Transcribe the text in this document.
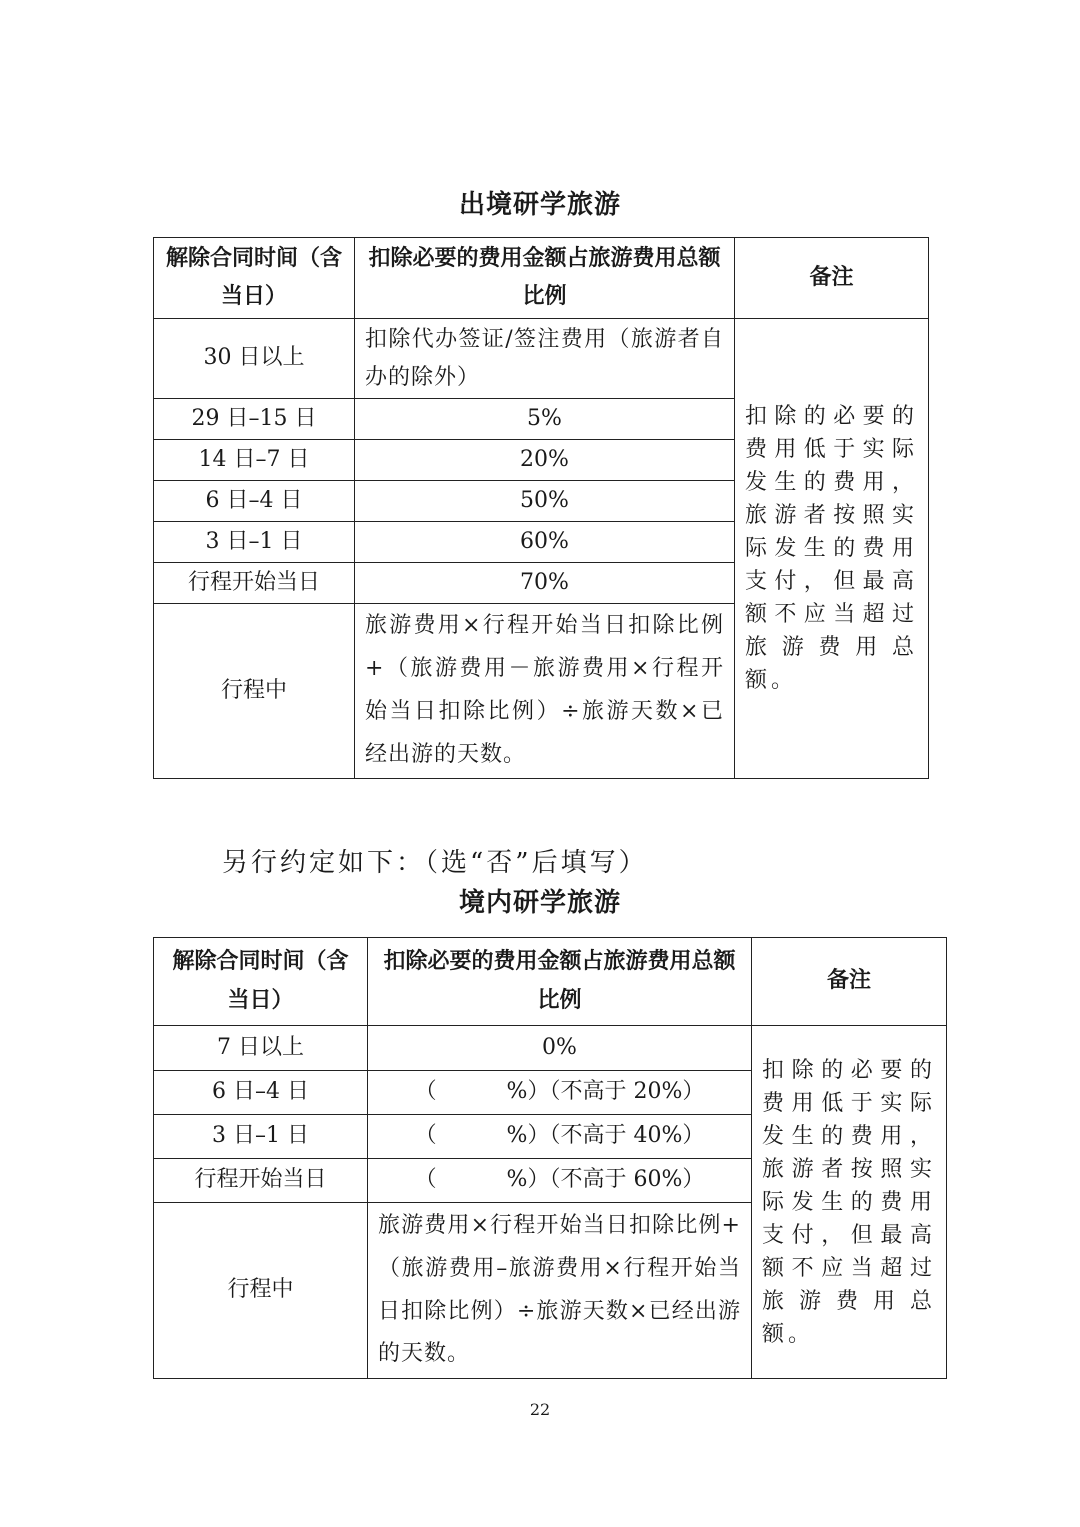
出境研学旅游
解除合同时间（含当日）	扣除必要的费用金额占旅游费用总额比例	备注
30 日以上	扣除代办签证/签注费用（旅游者自办的除外）	扣除的必要的费用低于实际发生的费用，旅游者按照实际发生的费用支付，但最高额不应当超过旅游费用总额。
29 日–15 日	5%	
14 日–7 日	20%	
6 日–4 日	50%	
3 日–1 日	60%	
行程开始当日	70%	
行程中	旅游费用×行程开始当日扣除比例+（旅游费用－旅游费用×行程开始当日扣除比例）÷旅游天数×已经出游的天数。	
另行约定如下：（选“否”后填写）
境内研学旅游
解除合同时间（含当日）	扣除必要的费用金额占旅游费用总额比例	备注
7 日以上	0%	扣除的必要的费用低于实际发生的费用，旅游者按照实际发生的费用支付，但最高额不应当超过旅游费用总额。
6 日–4 日	（          %）（不高于 20%）	
3 日–1 日	（          %）（不高于 40%）	
行程开始当日	（          %）（不高于 60%）	
行程中	旅游费用×行程开始当日扣除比例+（旅游费用–旅游费用×行程开始当日扣除比例）÷旅游天数×已经出游的天数。	
22
